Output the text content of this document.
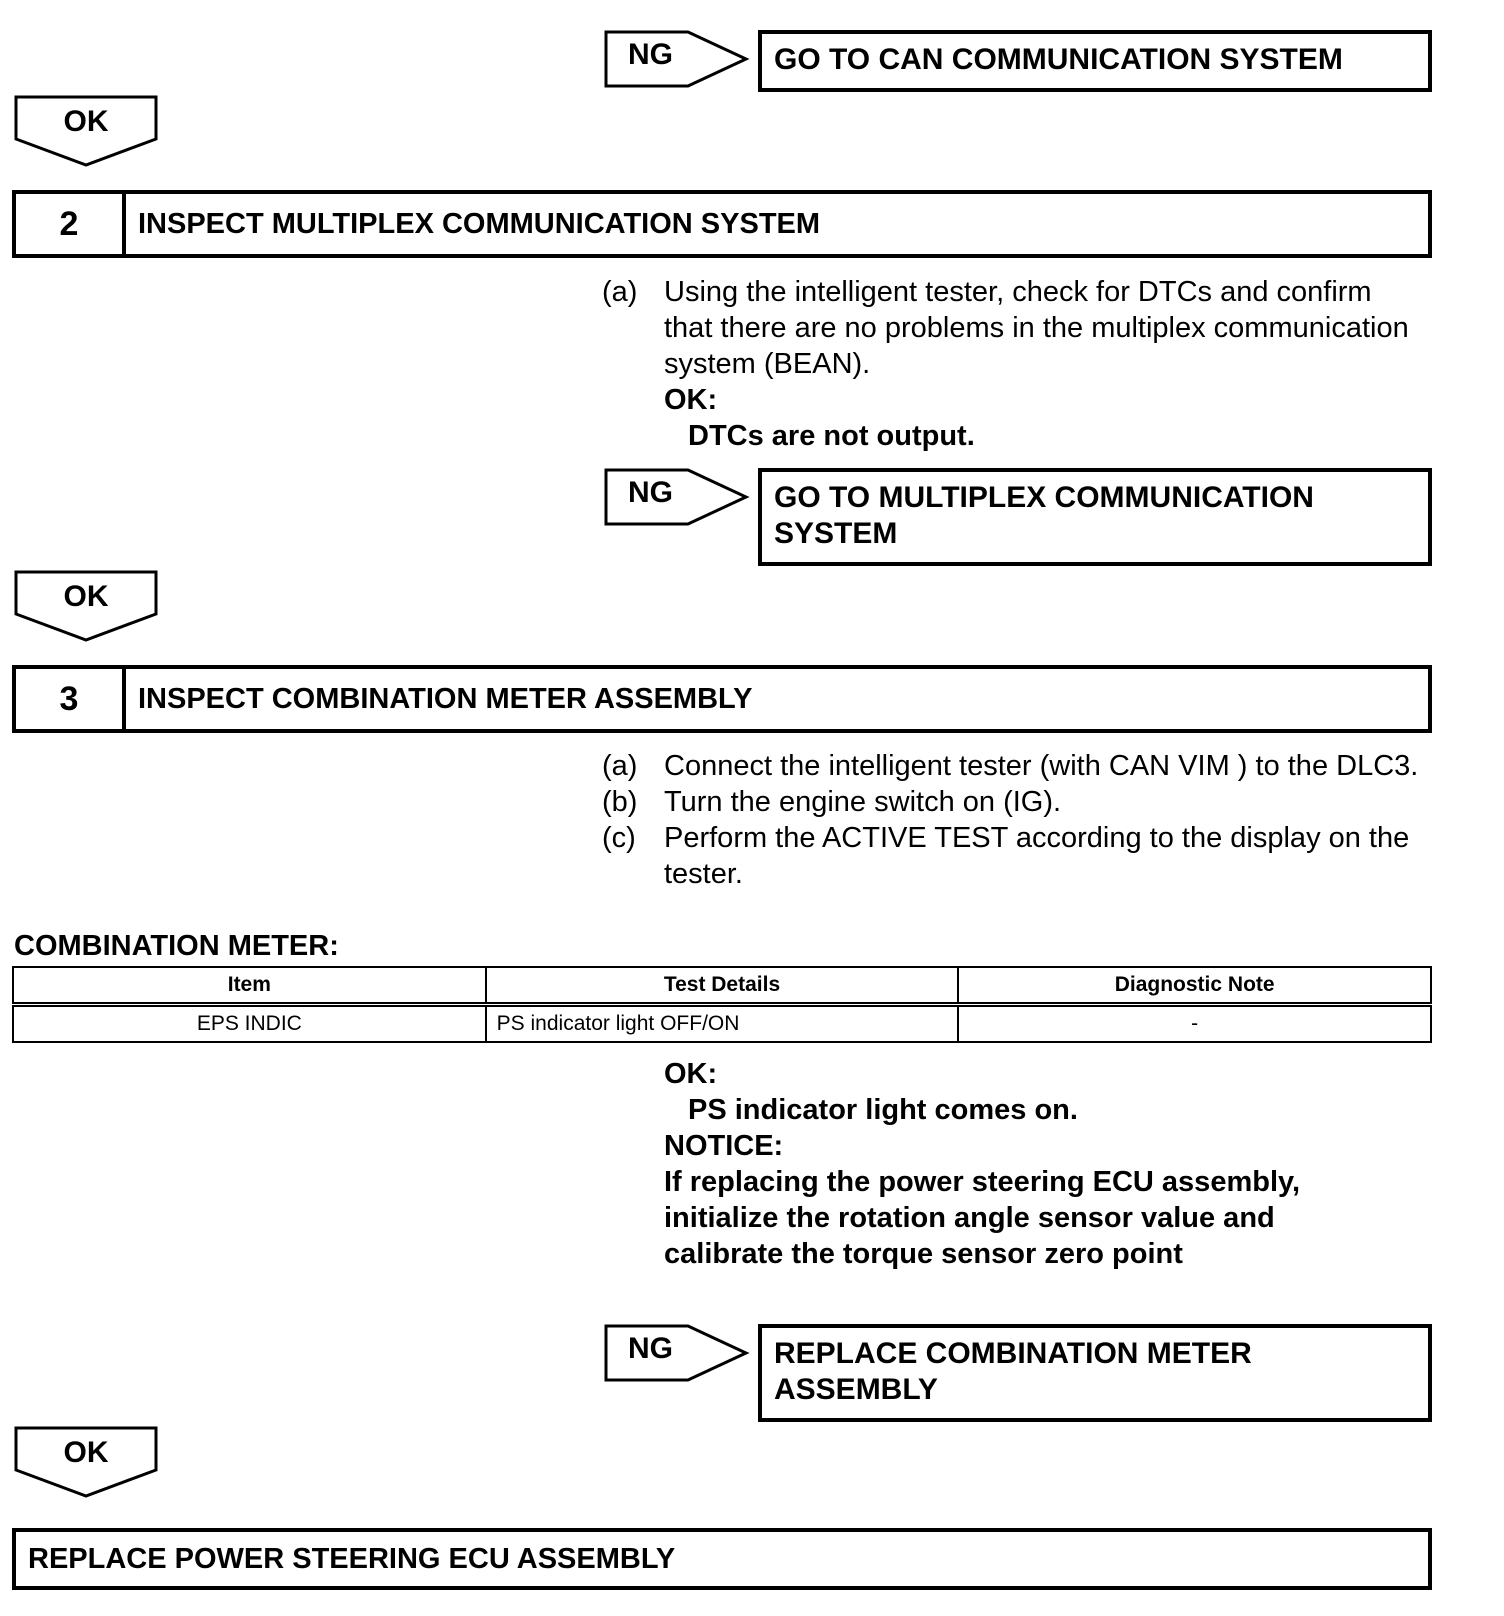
NG	GO TO CAN COMMUNICATION SYSTEM
OK
2	INSPECT MULTIPLEX COMMUNICATION SYSTEM
(a) Using the intelligent tester, check for DTCs and confirm that there are no problems in the multiplex communication system (BEAN).
OK:
DTCs are not output.
NG	GO TO MULTIPLEX COMMUNICATION
SYSTEM
OK
3	INSPECT COMBINATION METER ASSEMBLY
(a) Connect the intelligent tester (with CAN VIM ) to the DLC3.
(b) Turn the engine switch on (IG).
(c) Perform the ACTIVE TEST according to the display on the tester.
COMBINATION METER:
Item	Test Details	Diagnostic Note
EPS INDIC	PS indicator light OFF/ON	-
OK:
PS indicator light comes on.
NOTICE:
If replacing the power steering ECU assembly,
initialize the rotation angle sensor value and
calibrate the torque sensor zero point
NG	REPLACE COMBINATION METER
ASSEMBLY
OK
REPLACE POWER STEERING ECU ASSEMBLY
